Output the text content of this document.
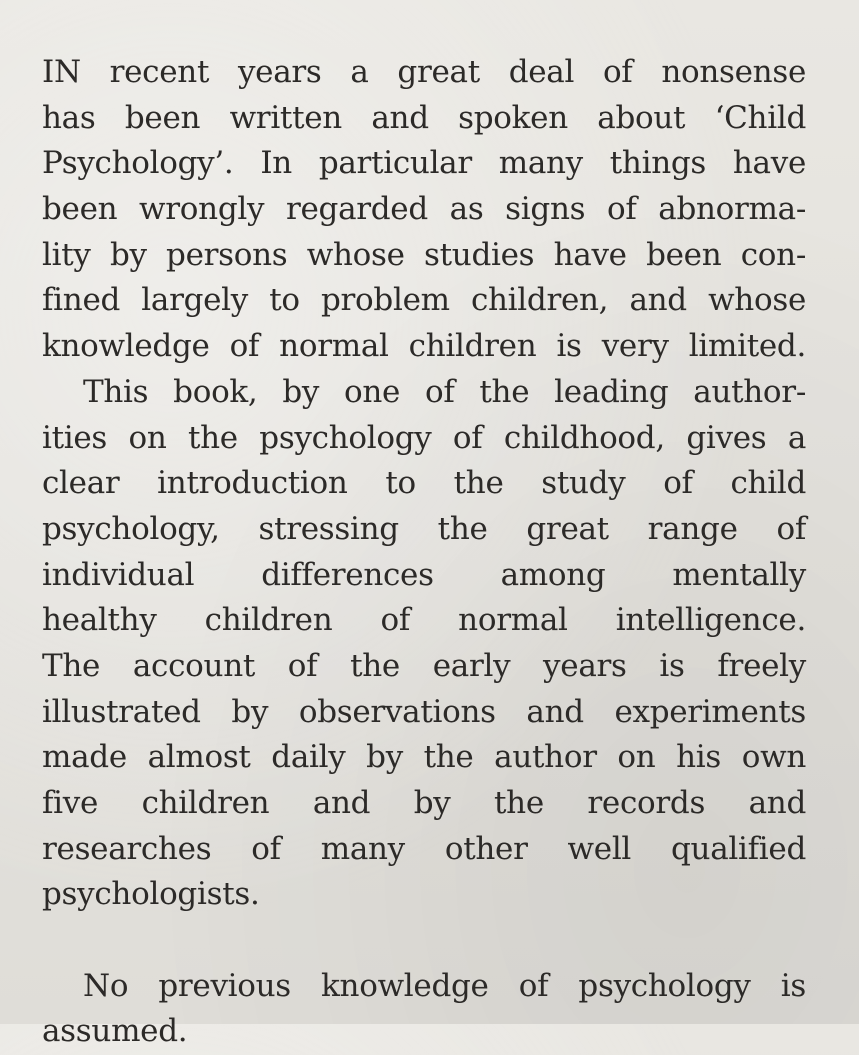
IN recent years a great deal of nonsense
has been written and spoken about ‘Child
Psychology’. In particular many things have
been wrongly regarded as signs of abnorma-
lity by persons whose studies have been con-
fined largely to problem children, and whose
knowledge of normal children is very limited.
This book, by one of the leading author-
ities on the psychology of childhood, gives a
clear introduction to the study of child
psychology, stressing the great range of
individual differences among mentally
healthy children of normal intelligence.
The account of the early years is freely
illustrated by observations and experiments
made almost daily by the author on his own
five children and by the records and
researches of many other well qualified
psychologists.
No previous knowledge of psychology is
assumed.
